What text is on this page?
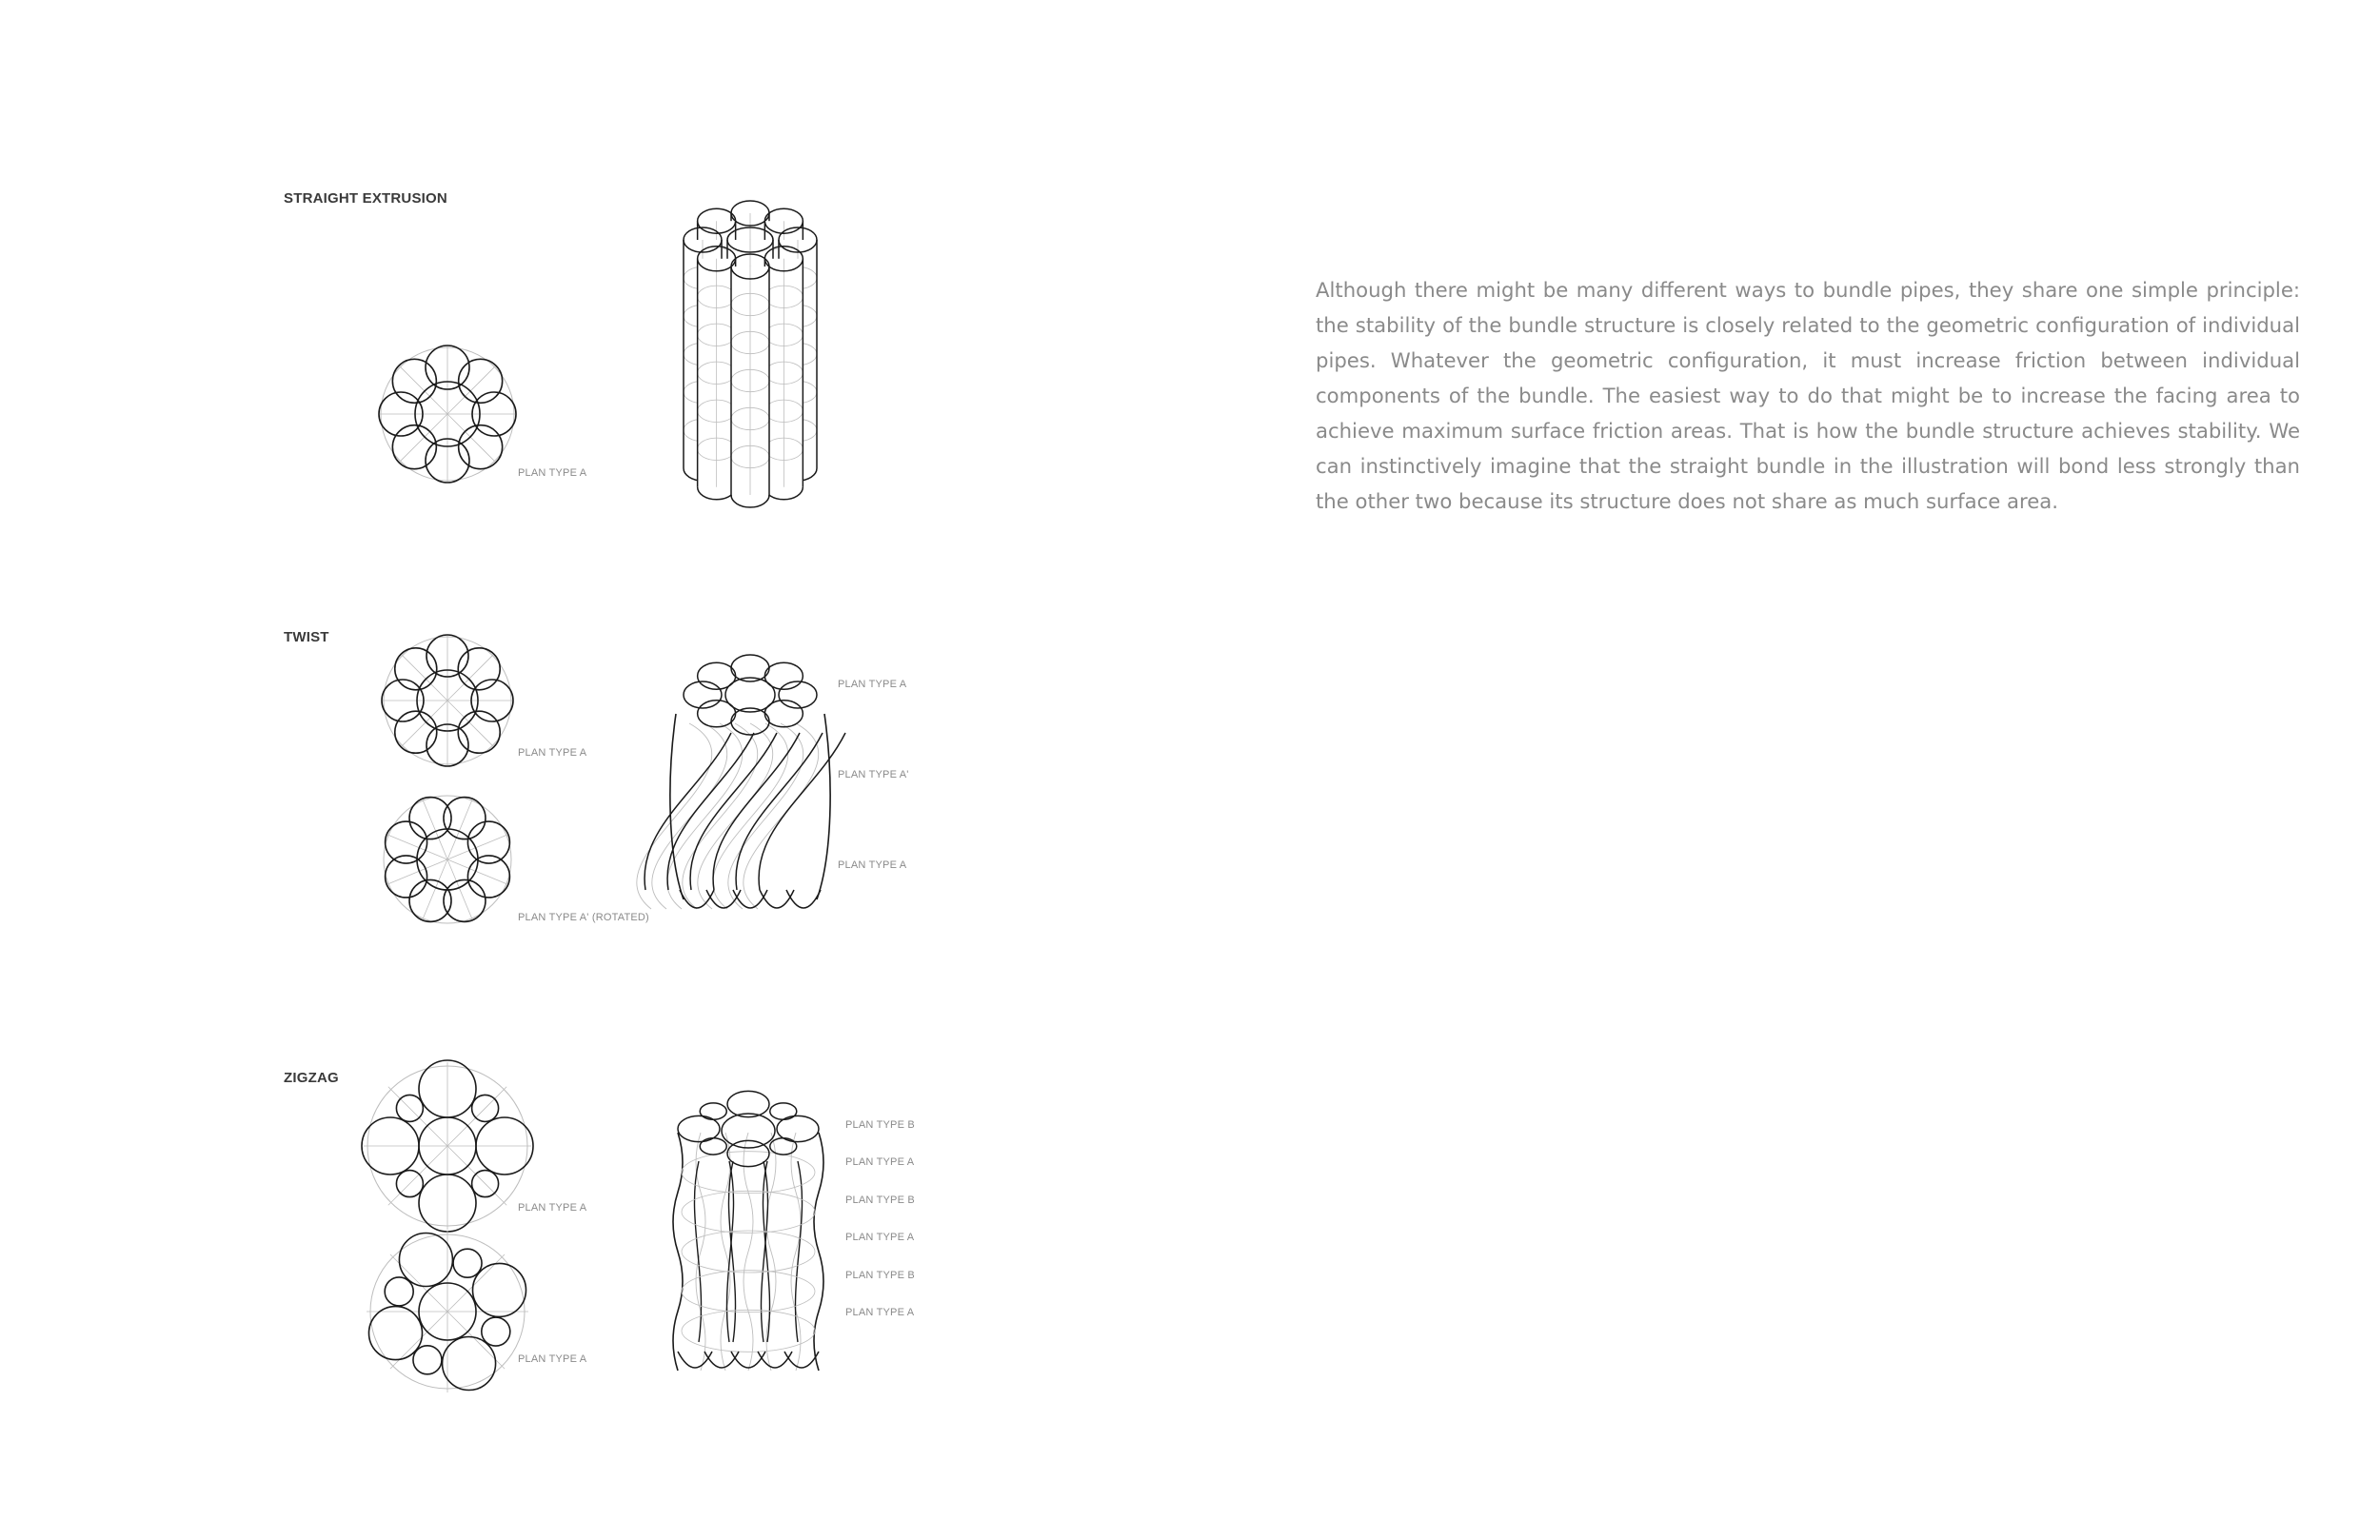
STRAIGHT EXTRUSION
TWIST
ZIGZAG
PLAN TYPE A
PLAN TYPE A
PLAN TYPE A' (ROTATED)
PLAN TYPE A
PLAN TYPE A'
PLAN TYPE A
PLAN TYPE A
PLAN TYPE A
PLAN TYPE B
PLAN TYPE A
PLAN TYPE B
PLAN TYPE A
PLAN TYPE B
PLAN TYPE A
Although there might be many different ways to bundle pipes, they share one simple principle: the stability of the bundle structure is closely related to the geometric configuration of individual pipes. Whatever the geometric configuration, it must increase friction between individual components of the bundle. The easiest way to do that might be to increase the facing area to achieve maximum surface friction areas. That is how the bundle structure achieves stability. We can instinctively imagine that the straight bundle in the illustration will bond less strongly than the other two because its structure does not share as much surface area.
